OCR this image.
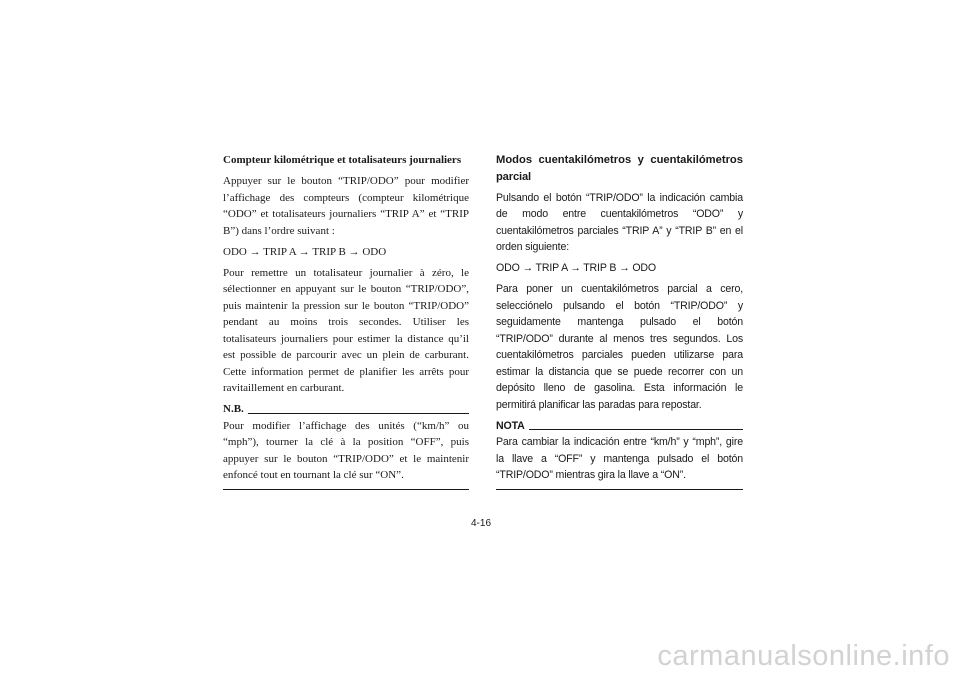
Compteur kilométrique et totalisateurs journaliers

Appuyer sur le bouton “TRIP/ODO” pour modifier l’affichage des compteurs (compteur kilométrique “ODO” et totalisateurs journaliers “TRIP A” et “TRIP B”) dans l’ordre suivant :

ODO → TRIP A → TRIP B → ODO

Pour remettre un totalisateur journalier à zéro, le sélectionner en appuyant sur le bouton “TRIP/ODO”, puis maintenir la pression sur le bouton “TRIP/ODO” pendant au moins trois secondes. Utiliser les totalisateurs journaliers pour estimer la distance qu’il est possible de parcourir avec un plein de carburant. Cette information permet de planifier les arrêts pour ravitaillement en carburant.

N.B.

Pour modifier l’affichage des unités (“km/h” ou “mph”), tourner la clé à la position “OFF”, puis appuyer sur le bouton “TRIP/ODO” et le maintenir enfoncé tout en tournant la clé sur “ON”.

Modos cuentakilómetros y cuentakilómetros
parcial

Pulsando el botón “TRIP/ODO” la indicación cambia de modo entre cuentakilómetros “ODO” y cuentakilómetros parciales “TRIP A” y “TRIP B” en el orden siguiente:

ODO → TRIP A → TRIP B → ODO

Para poner un cuentakilómetros parcial a cero, selecciónelo pulsando el botón “TRIP/ODO” y seguidamente mantenga pulsado el botón “TRIP/ODO” durante al menos tres segundos. Los cuentakilómetros parciales pueden utilizarse para estimar la distancia que se puede recorrer con un depósito lleno de gasolina. Esta información le permitirá planificar las paradas para repostar.

NOTA

Para cambiar la indicación entre “km/h” y “mph”, gire la llave a “OFF” y mantenga pulsado el botón “TRIP/ODO” mientras gira la llave a “ON”.

4-16
carmanualsonline.info
